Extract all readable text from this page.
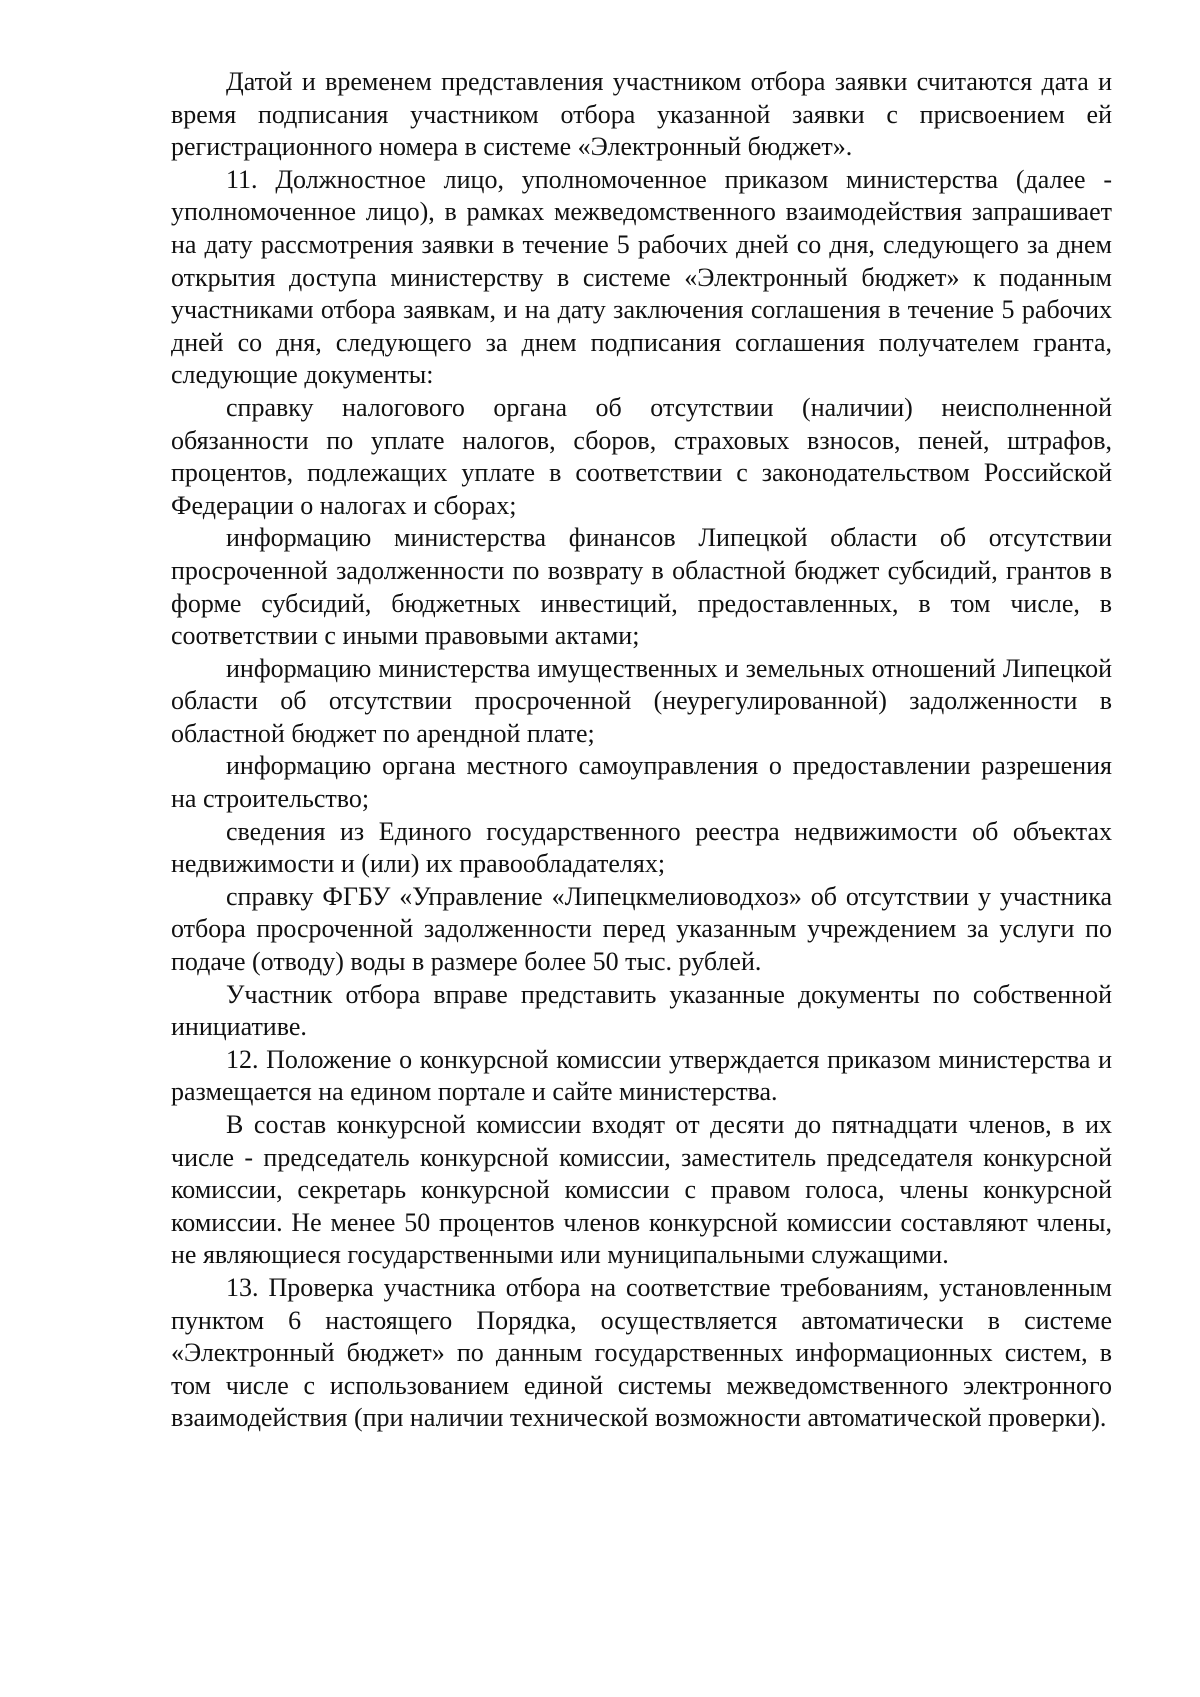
Датой и временем представления участником отбора заявки считаются дата и время подписания участником отбора указанной заявки с присвоением ей регистрационного номера в системе «Электронный бюджет».

11. Должностное лицо, уполномоченное приказом министерства (далее - уполномоченное лицо), в рамках межведомственного взаимодействия запрашивает на дату рассмотрения заявки в течение 5 рабочих дней со дня, следующего за днем открытия доступа министерству в системе «Электронный бюджет» к поданным участниками отбора заявкам, и на дату заключения соглашения в течение 5 рабочих дней со дня, следующего за днем подписания соглашения получателем гранта, следующие документы:

справку налогового органа об отсутствии (наличии) неисполненной обязанности по уплате налогов, сборов, страховых взносов, пеней, штрафов, процентов, подлежащих уплате в соответствии с законодательством Российской Федерации о налогах и сборах;

информацию министерства финансов Липецкой области об отсутствии просроченной задолженности по возврату в областной бюджет субсидий, грантов в форме субсидий, бюджетных инвестиций, предоставленных, в том числе, в соответствии с иными правовыми актами;

информацию министерства имущественных и земельных отношений Липецкой области об отсутствии просроченной (неурегулированной) задолженности в областной бюджет по арендной плате;

информацию органа местного самоуправления о предоставлении разрешения на строительство;

сведения из Единого государственного реестра недвижимости об объектах недвижимости и (или) их правообладателях;

справку ФГБУ «Управление «Липецкмелиоводхоз» об отсутствии у участника отбора просроченной задолженности перед указанным учреждением за услуги по подаче (отводу) воды в размере более 50 тыс. рублей.

Участник отбора вправе представить указанные документы по собственной инициативе.

12. Положение о конкурсной комиссии утверждается приказом министерства и размещается на едином портале и сайте министерства.

В состав конкурсной комиссии входят от десяти до пятнадцати членов, в их числе - председатель конкурсной комиссии, заместитель председателя конкурсной комиссии, секретарь конкурсной комиссии с правом голоса, члены конкурсной комиссии. Не менее 50 процентов членов конкурсной комиссии составляют члены, не являющиеся государственными или муниципальными служащими.

13. Проверка участника отбора на соответствие требованиям, установленным пунктом 6 настоящего Порядка, осуществляется автоматически в системе «Электронный бюджет» по данным государственных информационных систем, в том числе с использованием единой системы межведомственного электронного взаимодействия (при наличии технической возможности автоматической проверки).
